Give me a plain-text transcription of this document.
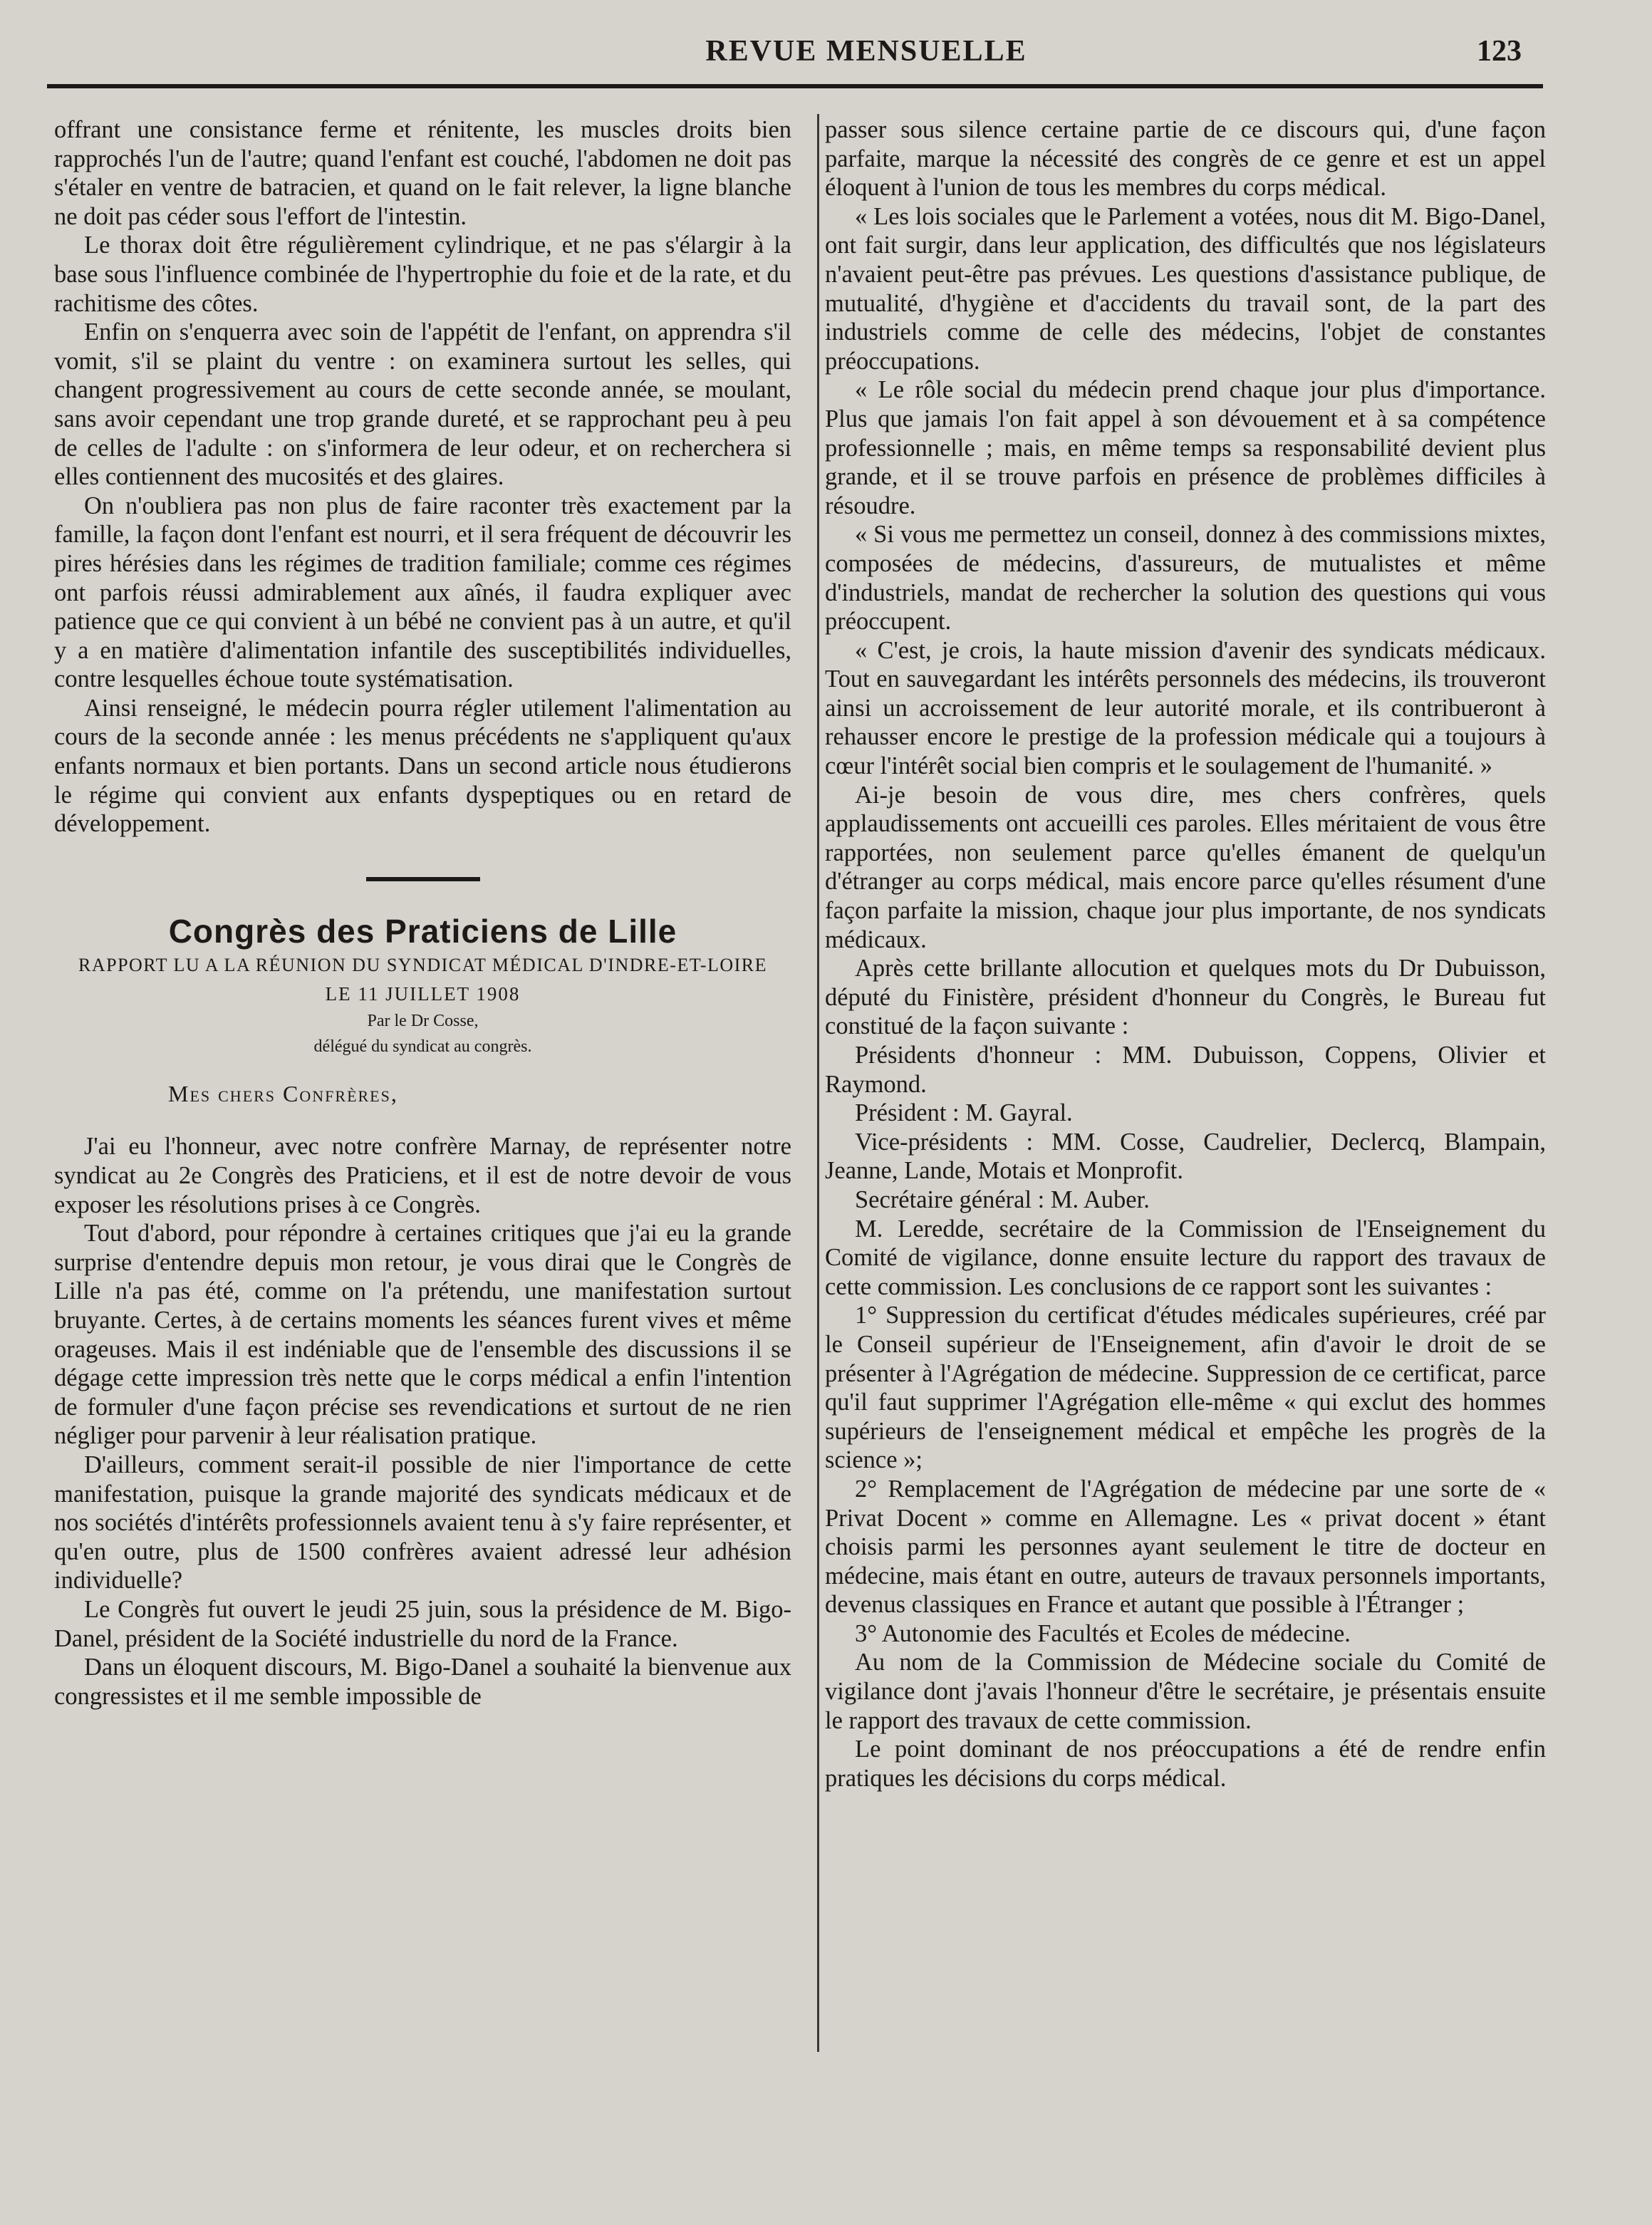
REVUE MENSUELLE	123

offrant une consistance ferme et rénitente, les muscles droits bien rapprochés l'un de l'autre; quand l'enfant est couché, l'abdomen ne doit pas s'étaler en ventre de batracien, et quand on le fait relever, la ligne blanche ne doit pas céder sous l'effort de l'intestin.

Le thorax doit être régulièrement cylindrique, et ne pas s'élargir à la base sous l'influence combinée de l'hypertrophie du foie et de la rate, et du rachitisme des côtes.

Enfin on s'enquerra avec soin de l'appétit de l'enfant, on apprendra s'il vomit, s'il se plaint du ventre : on examinera surtout les selles, qui changent progressivement au cours de cette seconde année, se moulant, sans avoir cependant une trop grande dureté, et se rapprochant peu à peu de celles de l'adulte : on s'informera de leur odeur, et on recherchera si elles contiennent des mucosités et des glaires.

On n'oubliera pas non plus de faire raconter très exactement par la famille, la façon dont l'enfant est nourri, et il sera fréquent de découvrir les pires hérésies dans les régimes de tradition familiale; comme ces régimes ont parfois réussi admirablement aux aînés, il faudra expliquer avec patience que ce qui convient à un bébé ne convient pas à un autre, et qu'il y a en matière d'alimentation infantile des susceptibilités individuelles, contre lesquelles échoue toute systématisation.

Ainsi renseigné, le médecin pourra régler utilement l'alimentation au cours de la seconde année : les menus précédents ne s'appliquent qu'aux enfants normaux et bien portants. Dans un second article nous étudierons le régime qui convient aux enfants dyspeptiques ou en retard de développement.

Congrès des Praticiens de Lille

RAPPORT LU A LA RÉUNION DU SYNDICAT MÉDICAL D'INDRE-ET-LOIRE

LE 11 JUILLET 1908

Par le Dr Cosse,

délégué du syndicat au congrès.

Mes chers Confrères,

J'ai eu l'honneur, avec notre confrère Marnay, de représenter notre syndicat au 2e Congrès des Praticiens, et il est de notre devoir de vous exposer les résolutions prises à ce Congrès.

Tout d'abord, pour répondre à certaines critiques que j'ai eu la grande surprise d'entendre depuis mon retour, je vous dirai que le Congrès de Lille n'a pas été, comme on l'a prétendu, une manifestation surtout bruyante. Certes, à de certains moments les séances furent vives et même orageuses. Mais il est indéniable que de l'ensemble des discussions il se dégage cette impression très nette que le corps médical a enfin l'intention de formuler d'une façon précise ses revendications et surtout de ne rien négliger pour parvenir à leur réalisation pratique.

D'ailleurs, comment serait-il possible de nier l'importance de cette manifestation, puisque la grande majorité des syndicats médicaux et de nos sociétés d'intérêts professionnels avaient tenu à s'y faire représenter, et qu'en outre, plus de 1500 confrères avaient adressé leur adhésion individuelle?

Le Congrès fut ouvert le jeudi 25 juin, sous la présidence de M. Bigo-Danel, président de la Société industrielle du nord de la France.

Dans un éloquent discours, M. Bigo-Danel a souhaité la bienvenue aux congressistes et il me semble impossible de

passer sous silence certaine partie de ce discours qui, d'une façon parfaite, marque la nécessité des congrès de ce genre et est un appel éloquent à l'union de tous les membres du corps médical.

« Les lois sociales que le Parlement a votées, nous dit M. Bigo-Danel, ont fait surgir, dans leur application, des difficultés que nos législateurs n'avaient peut-être pas prévues. Les questions d'assistance publique, de mutualité, d'hygiène et d'accidents du travail sont, de la part des industriels comme de celle des médecins, l'objet de constantes préoccupations.

« Le rôle social du médecin prend chaque jour plus d'importance. Plus que jamais l'on fait appel à son dévouement et à sa compétence professionnelle ; mais, en même temps sa responsabilité devient plus grande, et il se trouve parfois en présence de problèmes difficiles à résoudre.

« Si vous me permettez un conseil, donnez à des commissions mixtes, composées de médecins, d'assureurs, de mutualistes et même d'industriels, mandat de rechercher la solution des questions qui vous préoccupent.

« C'est, je crois, la haute mission d'avenir des syndicats médicaux. Tout en sauvegardant les intérêts personnels des médecins, ils trouveront ainsi un accroissement de leur autorité morale, et ils contribueront à rehausser encore le prestige de la profession médicale qui a toujours à cœur l'intérêt social bien compris et le soulagement de l'humanité. »

Ai-je besoin de vous dire, mes chers confrères, quels applaudissements ont accueilli ces paroles. Elles méritaient de vous être rapportées, non seulement parce qu'elles émanent de quelqu'un d'étranger au corps médical, mais encore parce qu'elles résument d'une façon parfaite la mission, chaque jour plus importante, de nos syndicats médicaux.

Après cette brillante allocution et quelques mots du Dr Dubuisson, député du Finistère, président d'honneur du Congrès, le Bureau fut constitué de la façon suivante :

Présidents d'honneur : MM. Dubuisson, Coppens, Olivier et Raymond.

Président : M. Gayral.

Vice-présidents : MM. Cosse, Caudrelier, Declercq, Blampain, Jeanne, Lande, Motais et Monprofit.

Secrétaire général : M. Auber.

M. Leredde, secrétaire de la Commission de l'Enseignement du Comité de vigilance, donne ensuite lecture du rapport des travaux de cette commission. Les conclusions de ce rapport sont les suivantes :

1° Suppression du certificat d'études médicales supérieures, créé par le Conseil supérieur de l'Enseignement, afin d'avoir le droit de se présenter à l'Agrégation de médecine. Suppression de ce certificat, parce qu'il faut supprimer l'Agrégation elle-même « qui exclut des hommes supérieurs de l'enseignement médical et empêche les progrès de la science »;

2° Remplacement de l'Agrégation de médecine par une sorte de « Privat Docent » comme en Allemagne. Les « privat docent » étant choisis parmi les personnes ayant seulement le titre de docteur en médecine, mais étant en outre, auteurs de travaux personnels importants, devenus classiques en France et autant que possible à l'Étranger ;

3° Autonomie des Facultés et Ecoles de médecine.

Au nom de la Commission de Médecine sociale du Comité de vigilance dont j'avais l'honneur d'être le secrétaire, je présentais ensuite le rapport des travaux de cette commission.

Le point dominant de nos préoccupations a été de rendre enfin pratiques les décisions du corps médical.
